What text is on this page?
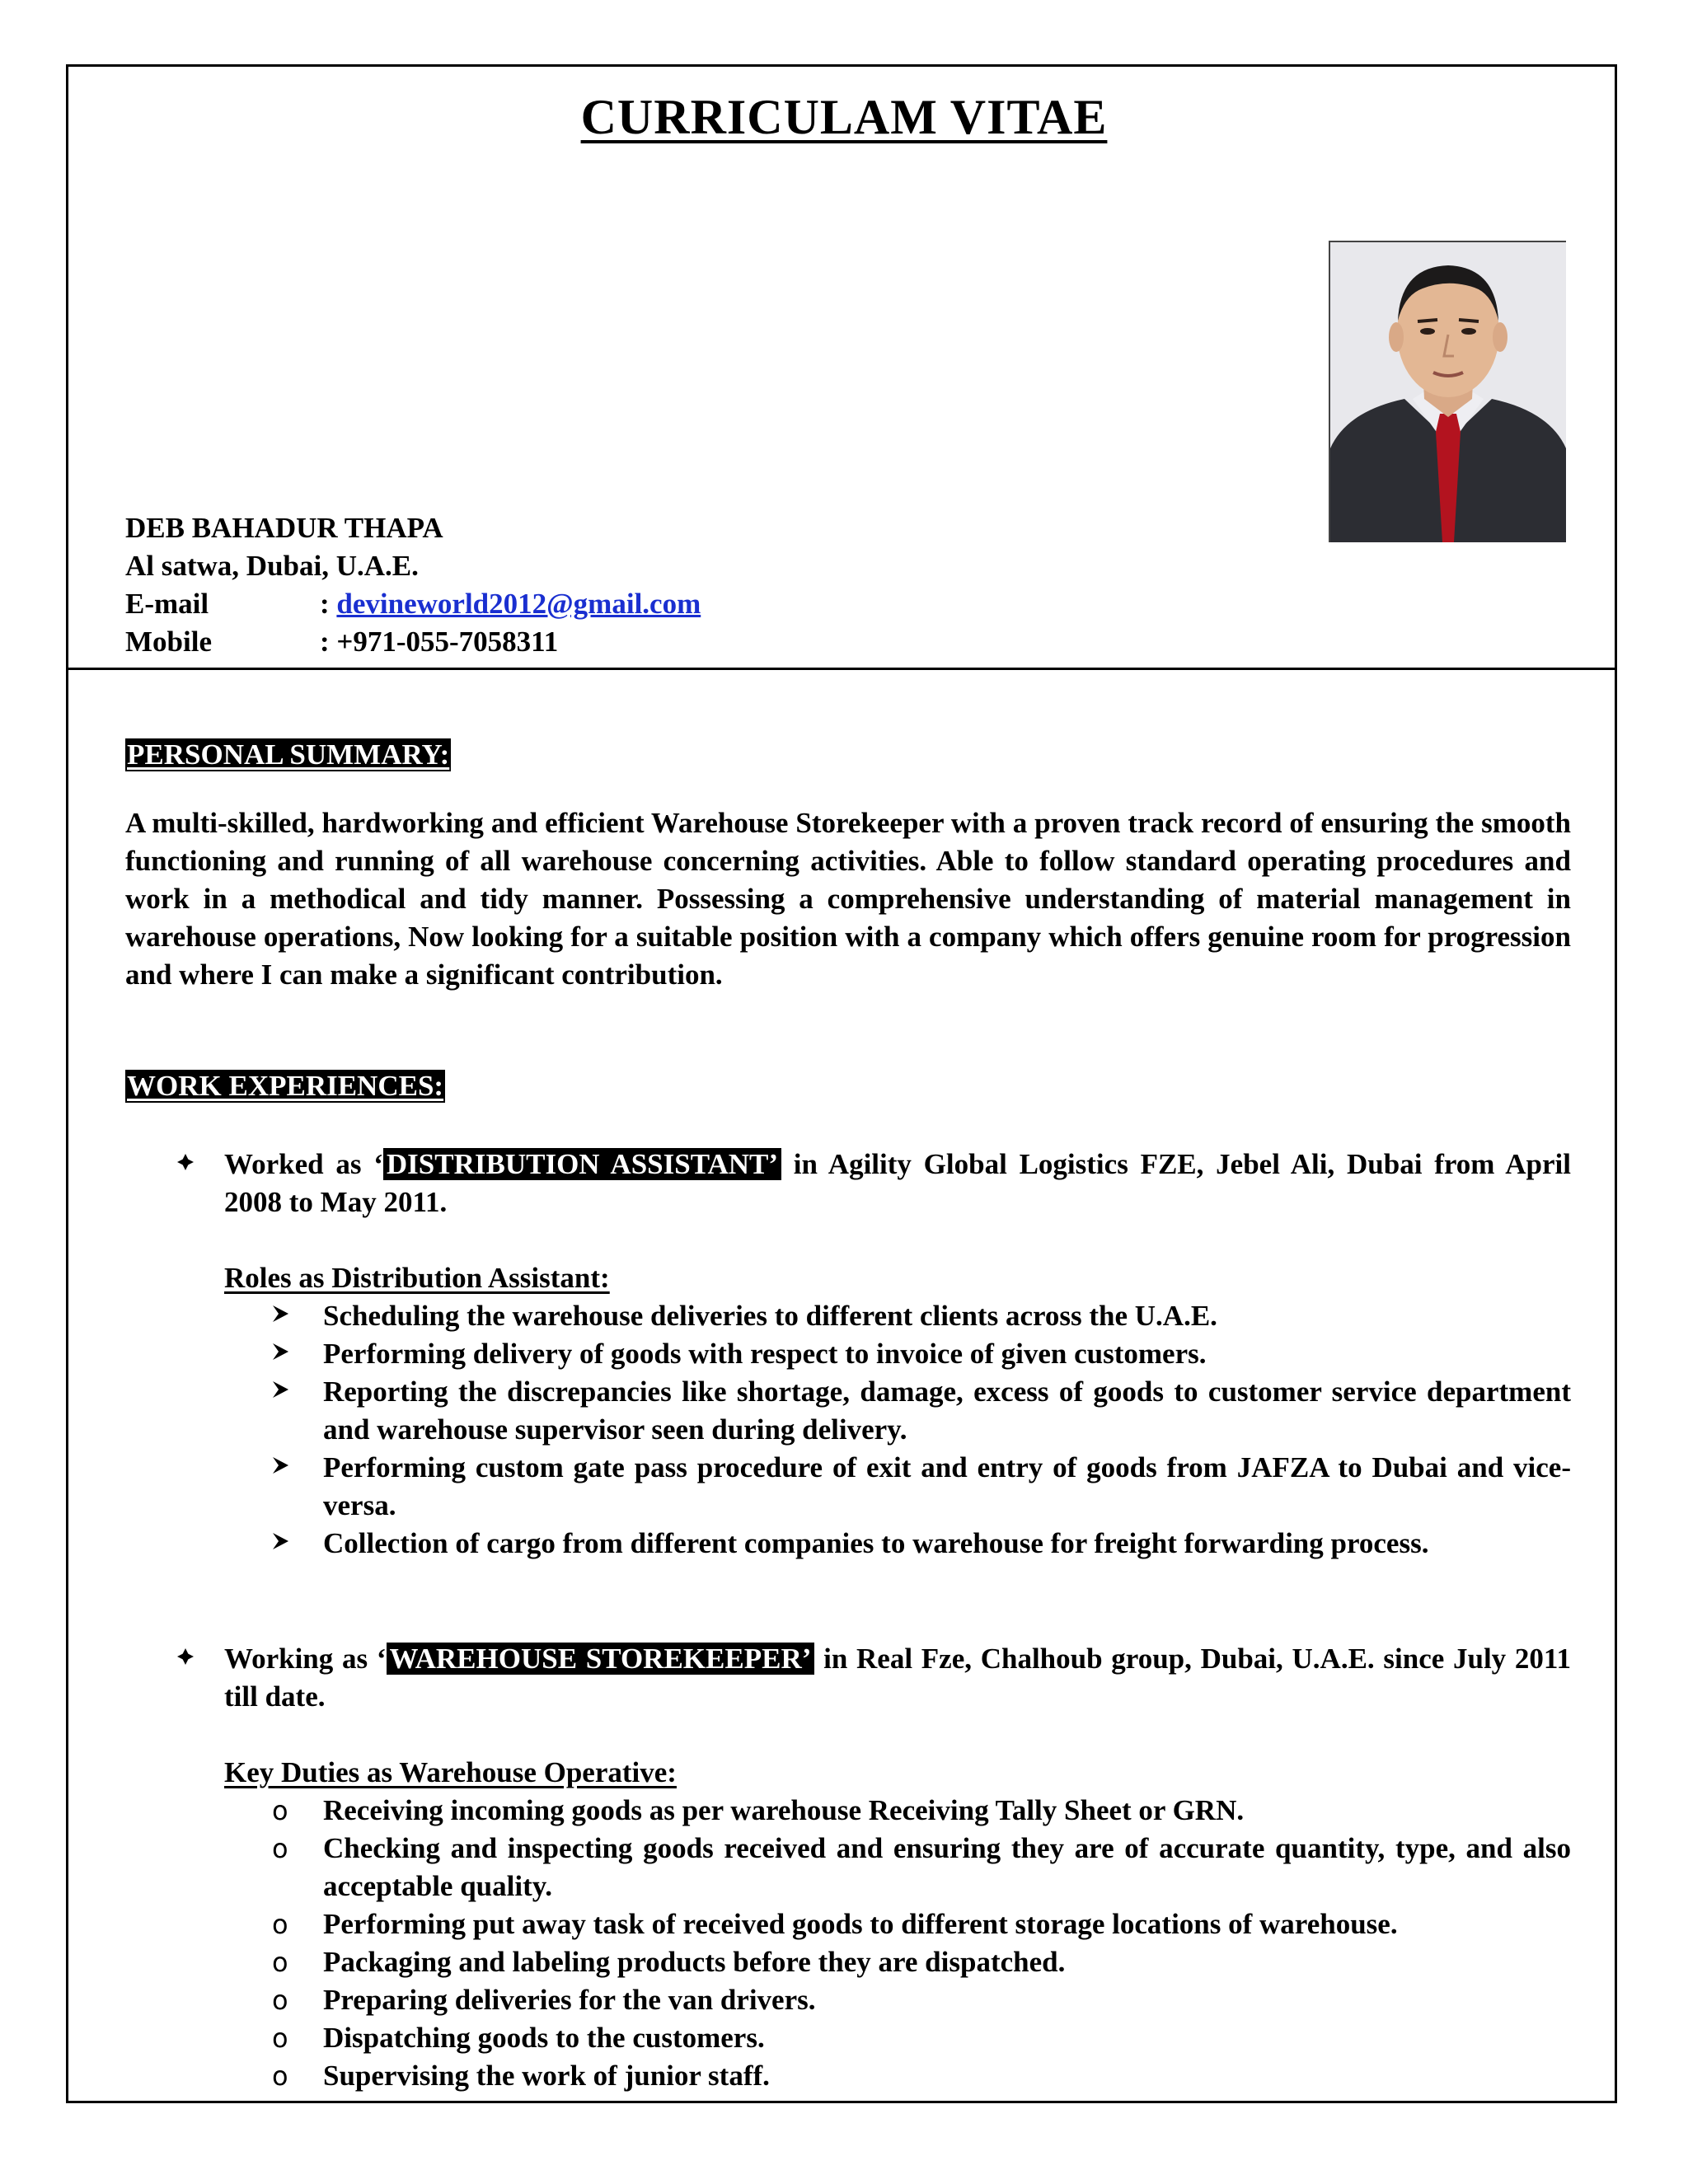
CURRICULAM VITAE
DEB BAHADUR THAPA
Al satwa, Dubai, U.A.E.
E-mail	:
devineworld2012@gmail.com
Mobile	:
+971-055-7058311
PERSONAL SUMMARY:
A multi-skilled, hardworking and efficient Warehouse Storekeeper with a proven track record of ensuring the smooth functioning and running of all warehouse concerning activities. Able to follow standard operating procedures and work in a methodical and tidy manner. Possessing a comprehensive understanding of material management in warehouse operations, Now looking for a suitable position with a company which offers genuine room for progression and where I can make a significant contribution.
WORK EXPERIENCES:
Worked as ‘ DISTRIBUTION ASSISTANT’ in Agility Global Logistics FZE, Jebel Ali, Dubai from April 2008 to May 2011.
Roles as Distribution Assistant:
Scheduling the warehouse deliveries to different clients across the U.A.E.
Performing delivery of goods with respect to invoice of given customers.
Reporting the discrepancies like shortage, damage, excess of goods to customer service department and warehouse supervisor seen during delivery.
Performing custom gate pass procedure of exit and entry of goods from JAFZA to Dubai and vice-versa.
Collection of cargo from different companies to warehouse for freight forwarding process.
Working as ‘ WAREHOUSE STOREKEEPER’ in Real Fze, Chalhoub group, Dubai, U.A.E. since July 2011 till date.
Key Duties as Warehouse Operative:
o Receiving incoming goods as per warehouse Receiving Tally Sheet or GRN.
o Checking and inspecting goods received and ensuring they are of accurate quantity, type, and also acceptable quality.
o Performing put away task of received goods to different storage locations of warehouse.
o Packaging and labeling products before they are dispatched.
o Preparing deliveries for the van drivers.
o Dispatching goods to the customers.
o Supervising the work of junior staff.
